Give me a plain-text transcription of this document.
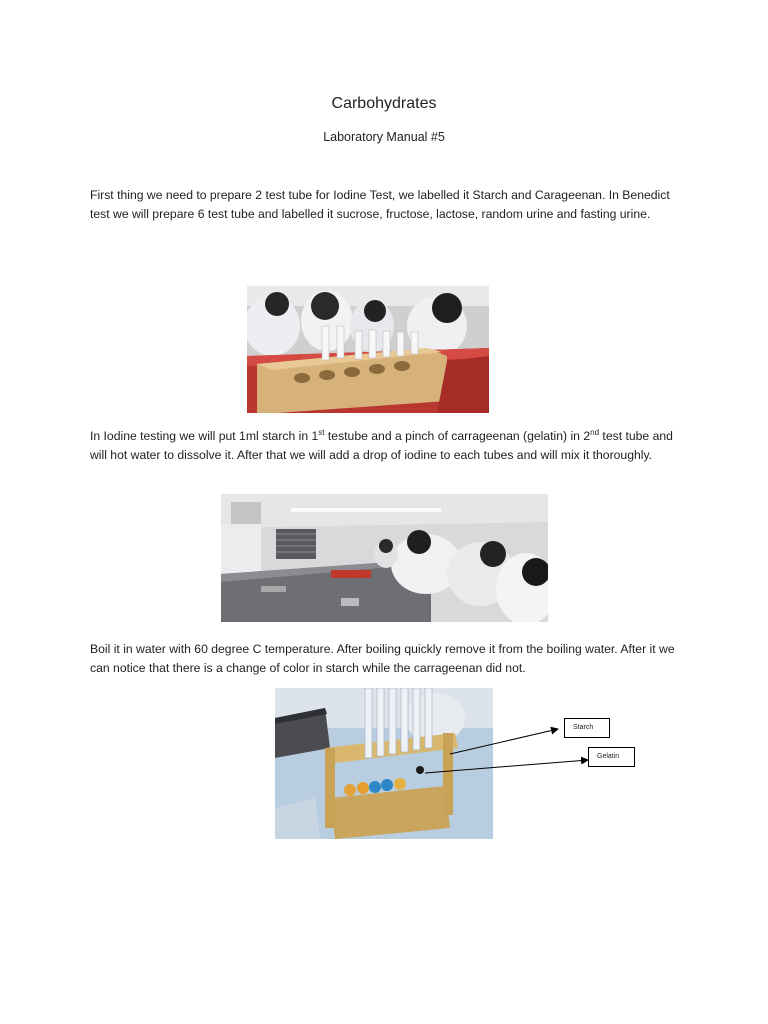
Carbohydrates
Laboratory Manual #5

First thing we need to prepare 2 test tube for Iodine Test, we labelled it Starch and Carageenan. In Benedict test we will prepare 6 test tube and labelled it sucrose, fructose, lactose, random urine and fasting urine.

In Iodine testing we will put 1ml starch in 1st testube and a pinch of carrageenan (gelatin) in 2nd test tube and will hot water to dissolve it. After that we will add a drop of iodine to each tubes and will mix it thoroughly.

Boil it in water with 60 degree C temperature. After boiling quickly remove it from the boiling water. After it we can notice that there is a change of color in starch while the carrageenan did not.

Starch
Gelatin
